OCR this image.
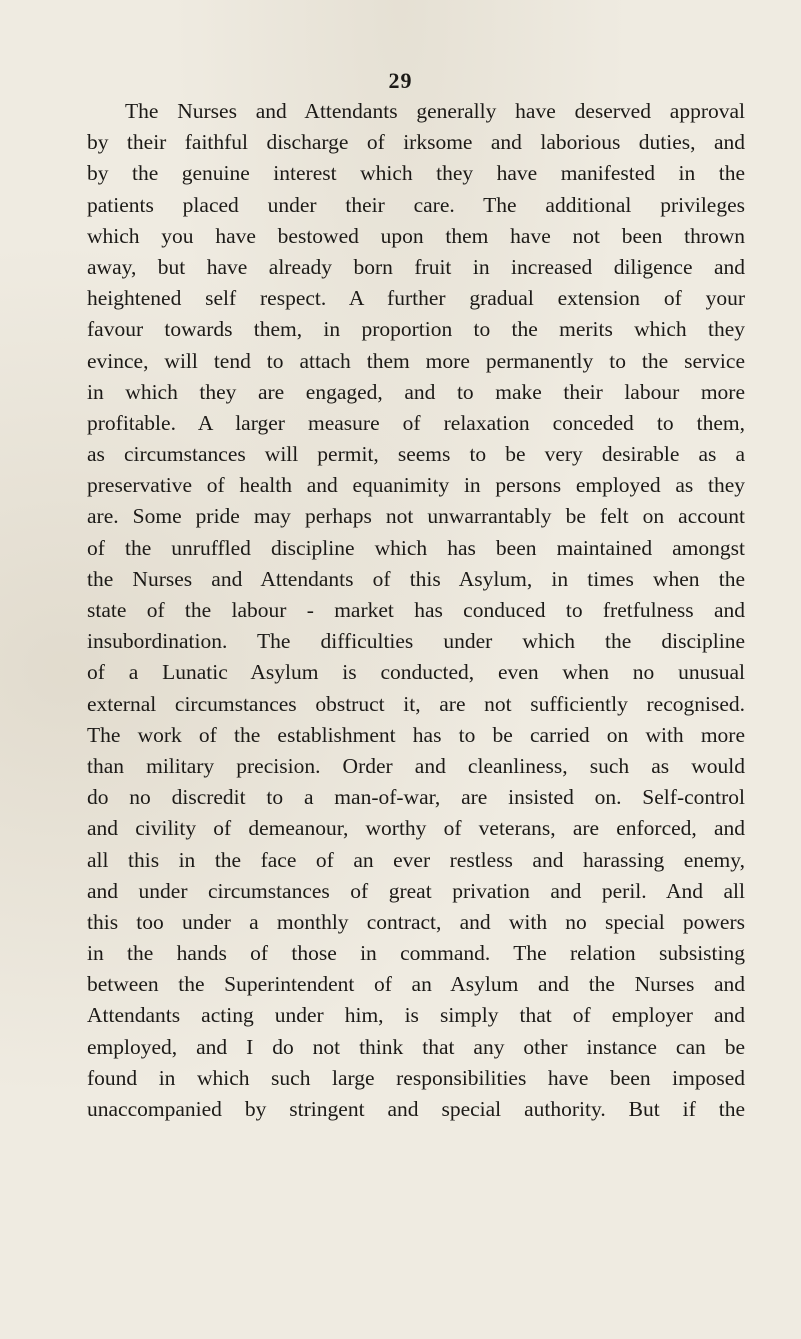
29
The Nurses and Attendants generally have deserved approval
by their faithful discharge of irksome and laborious duties, and
by the genuine interest which they have manifested in the
patients placed under their care. The additional privileges
which you have bestowed upon them have not been thrown
away, but have already born fruit in increased diligence and
heightened self respect. A further gradual extension of your
favour towards them, in proportion to the merits which they
evince, will tend to attach them more permanently to the service
in which they are engaged, and to make their labour more
profitable. A larger measure of relaxation conceded to them,
as circumstances will permit, seems to be very desirable as a
preservative of health and equanimity in persons employed as they
are. Some pride may perhaps not unwarrantably be felt on account
of the unruffled discipline which has been maintained amongst
the Nurses and Attendants of this Asylum, in times when the
state of the labour - market has conduced to fretfulness and
insubordination. The difficulties under which the discipline
of a Lunatic Asylum is conducted, even when no unusual
external circumstances obstruct it, are not sufficiently recognised.
The work of the establishment has to be carried on with more
than military precision. Order and cleanliness, such as would
do no discredit to a man-of-war, are insisted on. Self-control
and civility of demeanour, worthy of veterans, are enforced, and
all this in the face of an ever restless and harassing enemy,
and under circumstances of great privation and peril. And all
this too under a monthly contract, and with no special powers
in the hands of those in command. The relation subsisting
between the Superintendent of an Asylum and the Nurses and
Attendants acting under him, is simply that of employer and
employed, and I do not think that any other instance can be
found in which such large responsibilities have been imposed
unaccompanied by stringent and special authority. But if the
